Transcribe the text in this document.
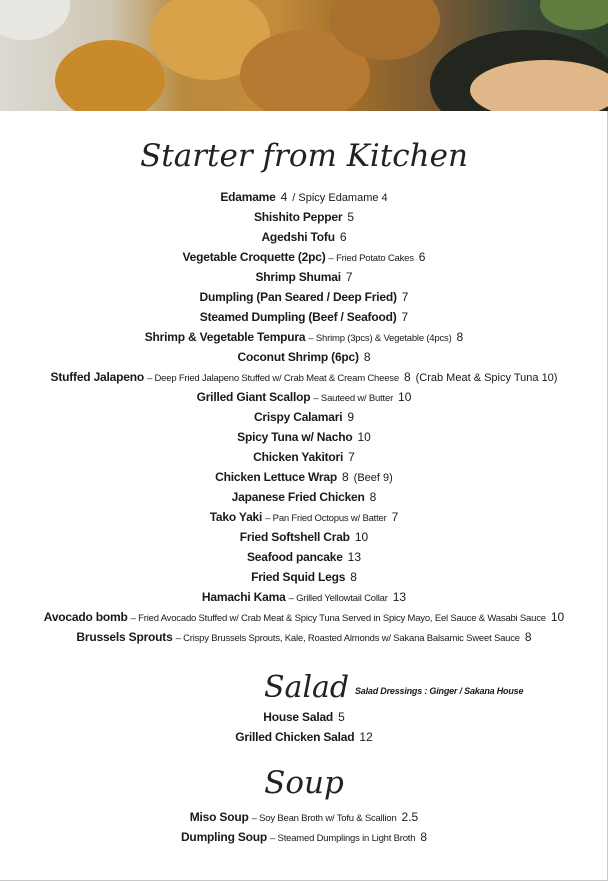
Starter from Kitchen
Edamame 4 / Spicy Edamame 4
Shishito Pepper 5
Agedshi Tofu 6
Vegetable Croquette (2pc) – Fried Potato Cakes 6
Shrimp Shumai 7
Dumpling (Pan Seared / Deep Fried) 7
Steamed Dumpling (Beef / Seafood) 7
Shrimp & Vegetable Tempura – Shrimp (3pcs) & Vegetable (4pcs) 8
Coconut Shrimp (6pc) 8
Stuffed Jalapeno – Deep Fried Jalapeno Stuffed w/ Crab Meat & Cream Cheese 8 (Crab Meat & Spicy Tuna 10)
Grilled Giant Scallop – Sauteed w/ Butter 10
Crispy Calamari 9
Spicy Tuna w/ Nacho 10
Chicken Yakitori 7
Chicken Lettuce Wrap 8 (Beef 9)
Japanese Fried Chicken 8
Tako Yaki – Pan Fried Octopus w/ Batter 7
Fried Softshell Crab 10
Seafood pancake 13
Fried Squid Legs 8
Hamachi Kama – Grilled Yellowtail Collar 13
Avocado bomb – Fried Avocado Stuffed w/ Crab Meat & Spicy Tuna Served in Spicy Mayo, Eel Sauce & Wasabi Sauce 10
Brussels Sprouts – Crispy Brussels Sprouts, Kale, Roasted Almonds w/ Sakana Balsamic Sweet Sauce 8
Salad Salad Dressings : Ginger / Sakana House
House Salad 5
Grilled Chicken Salad 12
Soup
Miso Soup – Soy Bean Broth w/ Tofu & Scallion 2.5
Dumpling Soup – Steamed Dumplings in Light Broth 8
